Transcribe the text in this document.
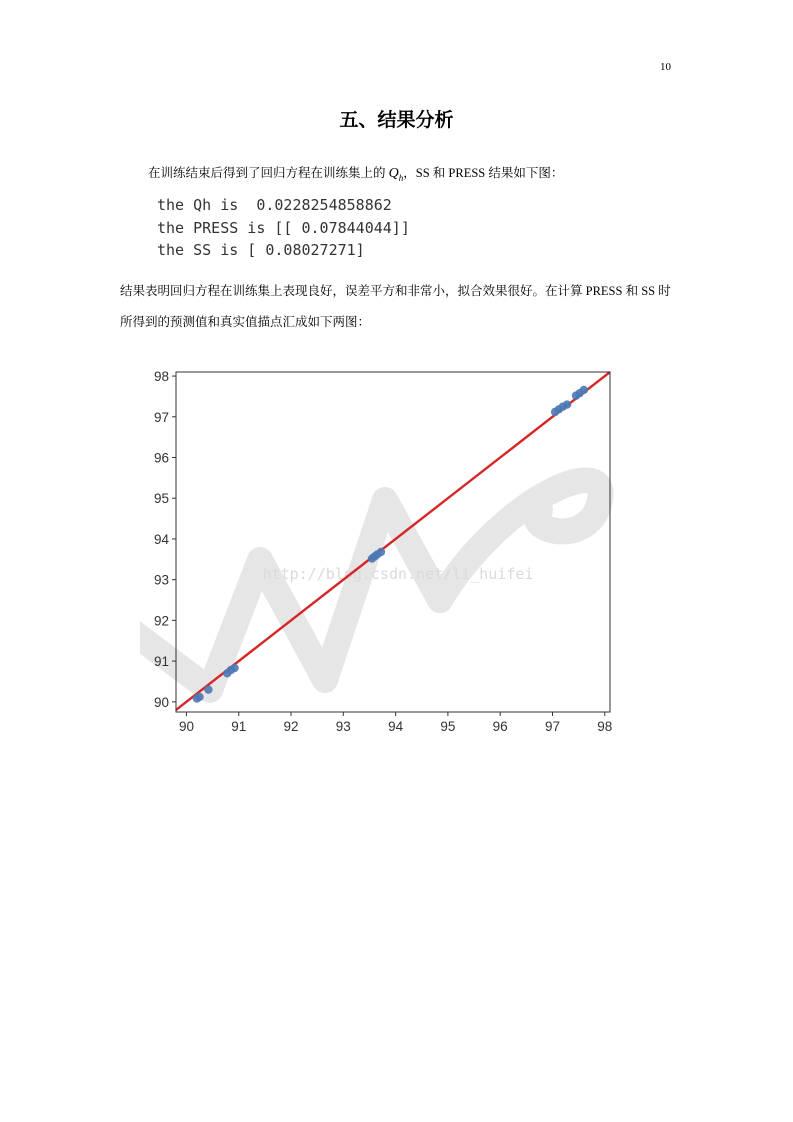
10
五、结果分析
在训练结束后得到了回归方程在训练集上的 $Q_h$，SS 和 PRESS 结果如下图：
the Qh is  0.0228254858862
the PRESS is [[ 0.07844044]]
the SS is [ 0.08027271]
结果表明回归方程在训练集上表现良好，误差平方和非常小，拟合效果很好。在计算 PRESS 和 SS 时所得到的预测值和真实值描点汇成如下两图：
http://blog.csdn.net/li_huifei
90	91	92	93	94	95	96	97	98
90
91
92
93
94
95
96
97
98
